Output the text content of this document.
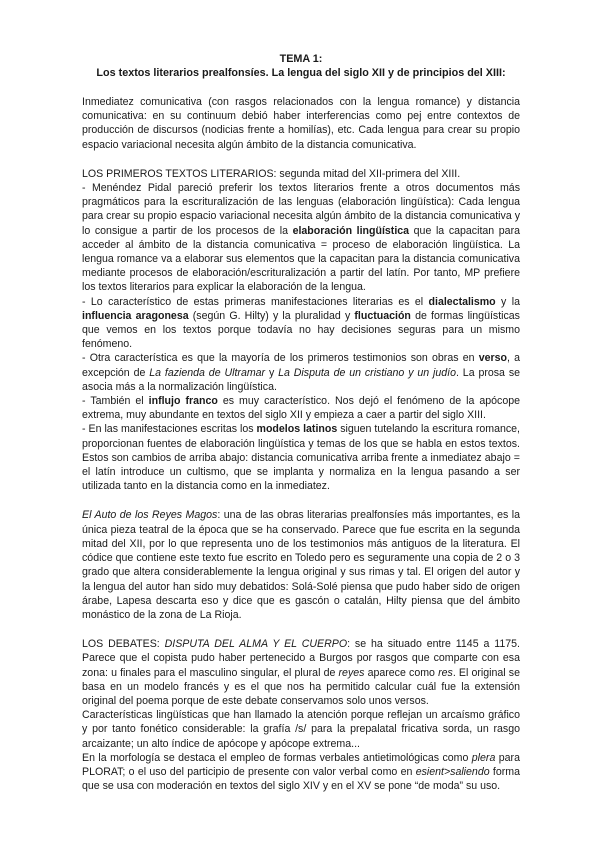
TEMA 1:

Los textos literarios prealfonsíes. La lengua del siglo XII y de principios del XIII:

Inmediatez comunicativa (con rasgos relacionados con la lengua romance) y distancia comunicativa: en su continuum debió haber interferencias como pej entre contextos de producción de discursos (nodicias frente a homilías), etc. Cada lengua para crear su propio espacio variacional necesita algún ámbito de la distancia comunicativa.

LOS PRIMEROS TEXTOS LITERARIOS: segunda mitad del XII-primera del XIII.

- Menéndez Pidal pareció preferir los textos literarios frente a otros documentos más pragmáticos para la escrituralización de las lenguas (elaboración lingüística): Cada lengua para crear su propio espacio variacional necesita algún ámbito de la distancia comunicativa y lo consigue a partir de los procesos de la elaboración lingüística que la capacitan para acceder al ámbito de la distancia comunicativa = proceso de elaboración lingüística. La lengua romance va a elaborar sus elementos que la capacitan para la distancia comunicativa mediante procesos de elaboración/escrituralización a partir del latín. Por tanto, MP prefiere los textos literarios para explicar la elaboración de la lengua.

- Lo característico de estas primeras manifestaciones literarias es el dialectalismo y la influencia aragonesa (según G. Hilty) y la pluralidad y fluctuación de formas lingüísticas que vemos en los textos porque todavía no hay decisiones seguras para un mismo fenómeno.

- Otra característica es que la mayoría de los primeros testimonios son obras en verso, a excepción de La fazienda de Ultramar y La Disputa de un cristiano y un judío. La prosa se asocia más a la normalización lingüística.

- También el influjo franco es muy característico. Nos dejó el fenómeno de la apócope extrema, muy abundante en textos del siglo XII y empieza a caer a partir del siglo XIII.

- En las manifestaciones escritas los modelos latinos siguen tutelando la escritura romance, proporcionan fuentes de elaboración lingüística y temas de los que se habla en estos textos. Estos son cambios de arriba abajo: distancia comunicativa arriba frente a inmediatez abajo = el latín introduce un cultismo, que se implanta y normaliza en la lengua pasando a ser utilizada tanto en la distancia como en la inmediatez.

El Auto de los Reyes Magos: una de las obras literarias prealfonsíes más importantes, es la única pieza teatral de la época que se ha conservado. Parece que fue escrita en la segunda mitad del XII, por lo que representa uno de los testimonios más antiguos de la literatura. El códice que contiene este texto fue escrito en Toledo pero es seguramente una copia de 2 o 3 grado que altera considerablemente la lengua original y sus rimas y tal. El origen del autor y la lengua del autor han sido muy debatidos: Solá-Solé piensa que pudo haber sido de origen árabe, Lapesa descarta eso y dice que es gascón o catalán, Hilty piensa que del ámbito monástico de la zona de La Rioja.

LOS DEBATES: DISPUTA DEL ALMA Y EL CUERPO: se ha situado entre 1145 a 1175. Parece que el copista pudo haber pertenecido a Burgos por rasgos que comparte con esa zona: u finales para el masculino singular, el plural de reyes aparece como res. El original se basa en un modelo francés y es el que nos ha permitido calcular cuál fue la extensión original del poema porque de este debate conservamos solo unos versos.

Características lingüísticas que han llamado la atención porque reflejan un arcaísmo gráfico y por tanto fonético considerable: la grafía /s/ para la prepalatal fricativa sorda, un rasgo arcaizante; un alto índice de apócope y apócope extrema...

En la morfología se destaca el empleo de formas verbales antietimológicas como plera para PLORAT; o el uso del participio de presente con valor verbal como en esient>saliendo forma que se usa con moderación en textos del siglo XIV y en el XV se pone “de moda” su uso.
